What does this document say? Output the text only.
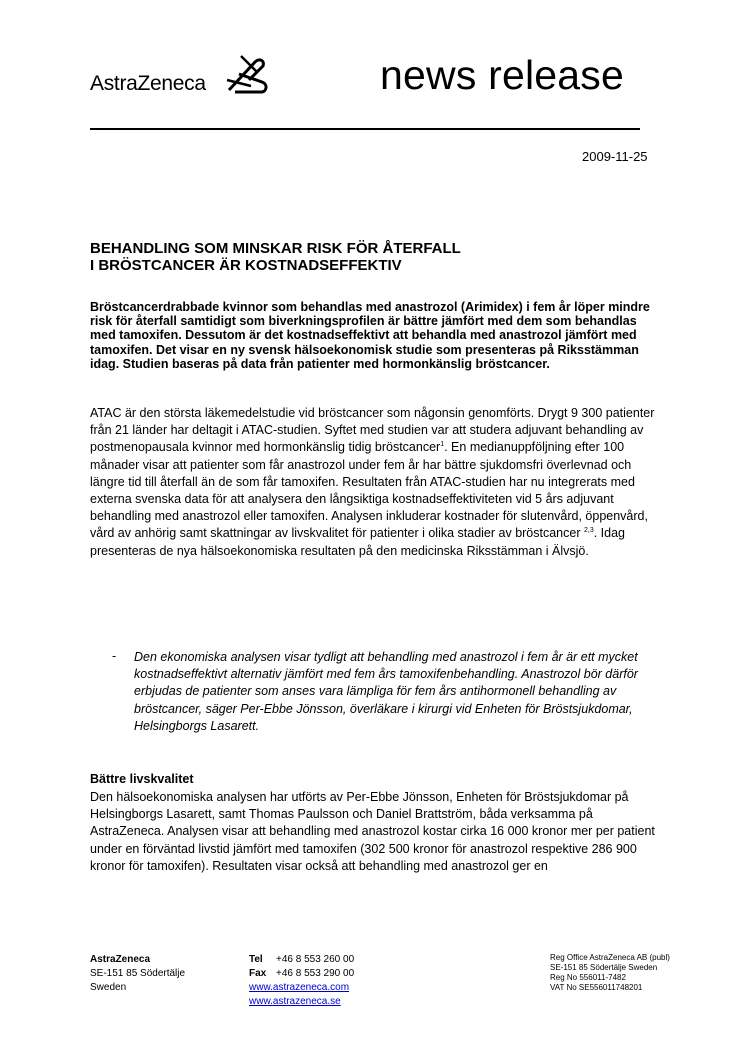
AstraZeneca	news release
2009-11-25
BEHANDLING SOM MINSKAR RISK FÖR ÅTERFALL
I BRÖSTCANCER ÄR KOSTNADSEFFEKTIV
Bröstcancerdrabbade kvinnor som behandlas med anastrozol (Arimidex) i fem år löper mindre risk för återfall samtidigt som biverkningsprofilen är bättre jämfört med dem som behandlas med tamoxifen. Dessutom är det kostnadseffektivt att behandla med anastrozol jämfört med tamoxifen. Det visar en ny svensk hälsoekonomisk studie som presenteras på Riksstämman idag. Studien baseras på data från patienter med hormonkänslig bröstcancer.
ATAC är den största läkemedelstudie vid bröstcancer som någonsin genomförts. Drygt 9 300 patienter från 21 länder har deltagit i ATAC-studien. Syftet med studien var att studera adjuvant behandling av postmenopausala kvinnor med hormonkänslig tidig bröstcancer$^1$. En medianuppföljning efter 100 månader visar att patienter som får anastrozol under fem år har bättre sjukdomsfri överlevnad och längre tid till återfall än de som får tamoxifen. Resultaten från ATAC-studien har nu integrerats med externa svenska data för att analysera den långsiktiga kostnadseffektiviteten vid 5 års adjuvant behandling med anastrozol eller tamoxifen. Analysen inkluderar kostnader för slutenvård, öppenvård, vård av anhörig samt skattningar av livskvalitet för patienter i olika stadier av bröstcancer $^{2,3}$. Idag presenteras de nya hälsoekonomiska resultaten på den medicinska Riksstämman i Älvsjö.
- Den ekonomiska analysen visar tydligt att behandling med anastrozol i fem år är ett mycket kostnadseffektivt alternativ jämfört med fem års tamoxifenbehandling. Anastrozol bör därför erbjudas de patienter som anses vara lämpliga för fem års antihormonell behandling av bröstcancer, säger Per-Ebbe Jönsson, överläkare i kirurgi vid Enheten för Bröstsjukdomar, Helsingborgs Lasarett.
Bättre livskvalitet
Den hälsoekonomiska analysen har utförts av Per-Ebbe Jönsson, Enheten för Bröstsjukdomar på Helsingborgs Lasarett, samt Thomas Paulsson och Daniel Brattström, båda verksamma på AstraZeneca. Analysen visar att behandling med anastrozol kostar cirka 16 000 kronor mer per patient under en förväntad livstid jämfört med tamoxifen (302 500 kronor för anastrozol respektive 286 900 kronor för tamoxifen). Resultaten visar också att behandling med anastrozol ger en
AstraZeneca
SE-151 85 Södertälje
Sweden
Tel +46 8 553 260 00
Fax +46 8 553 290 00
www.astrazeneca.com
www.astrazeneca.se
Reg Office AstraZeneca AB (publ)
SE-151 85 Södertälje Sweden
Reg No 556011-7482
VAT No SE556011748201
